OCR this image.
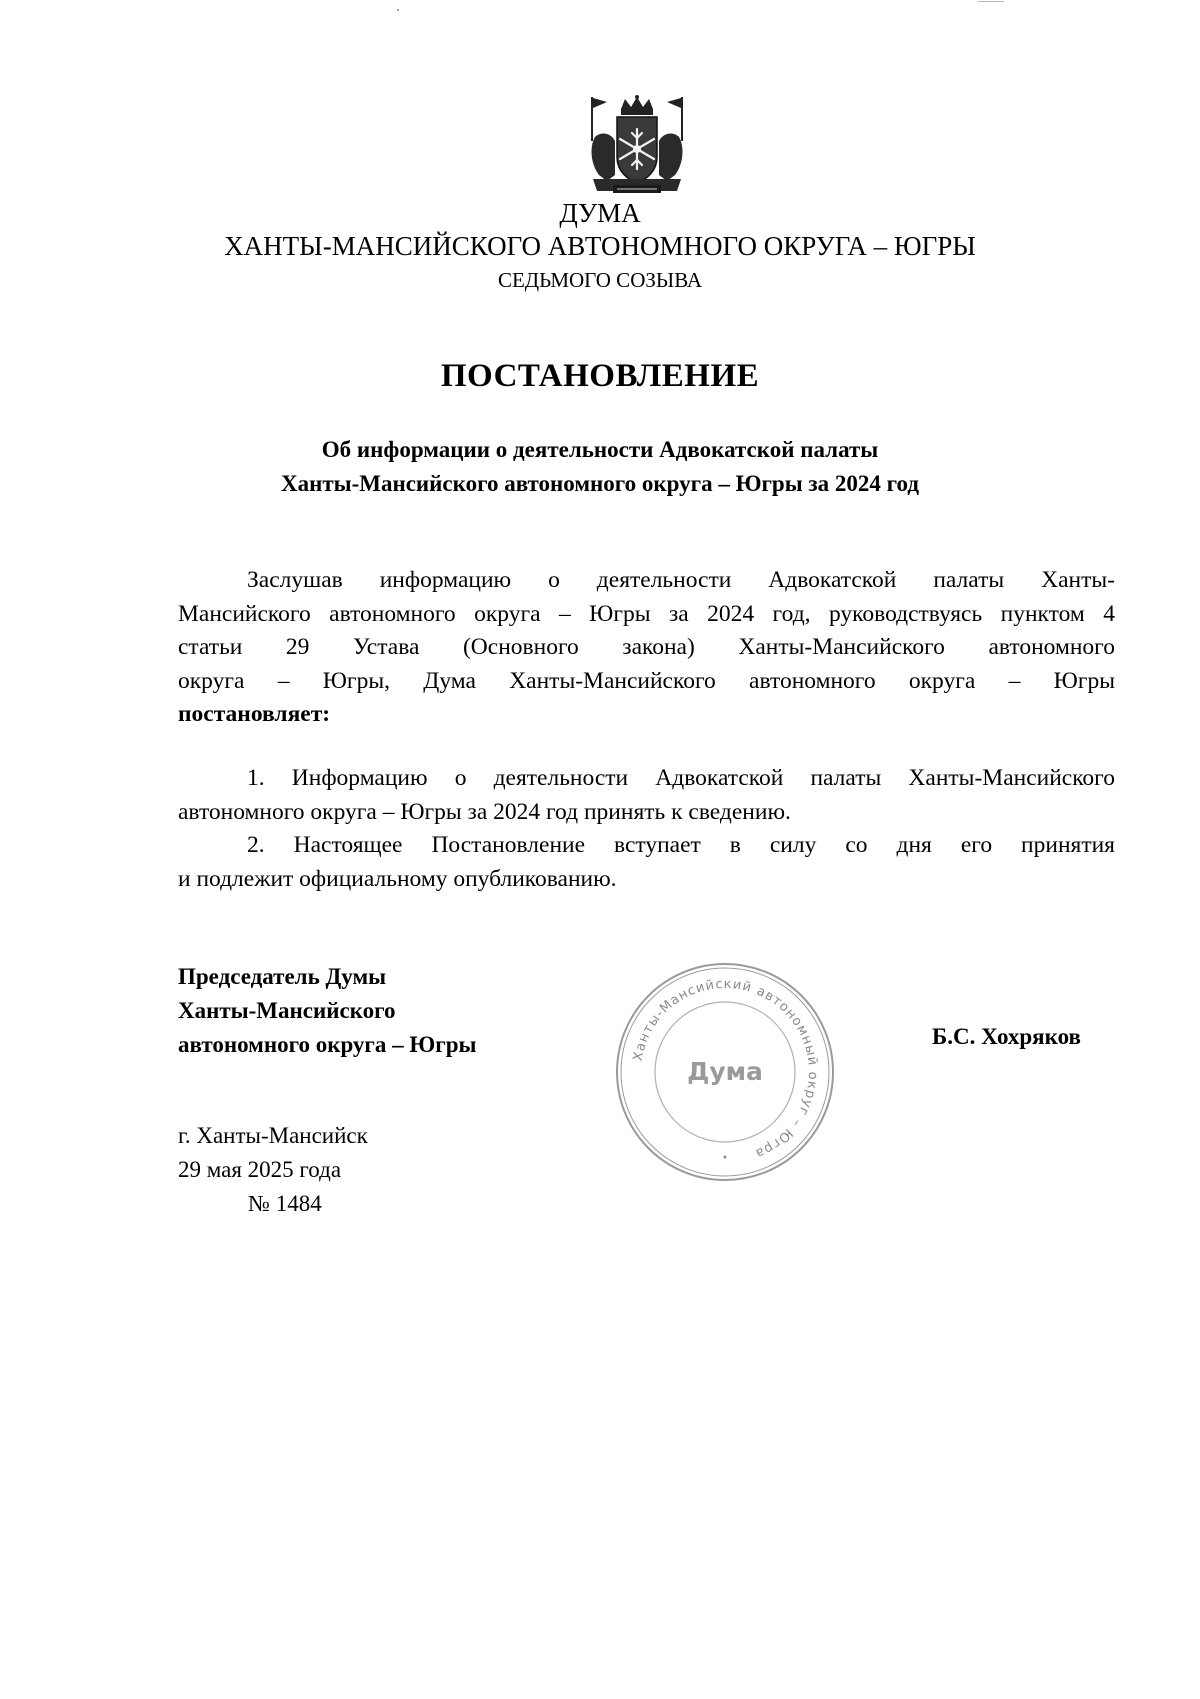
ДУМА
ХАНТЫ-МАНСИЙСКОГО АВТОНОМНОГО ОКРУГА – ЮГРЫ
СЕДЬМОГО СОЗЫВА
ПОСТАНОВЛЕНИЕ
Об информации о деятельности Адвокатской палаты
Ханты-Мансийского автономного округа – Югры за 2024 год

Заслушав информацию о деятельности Адвокатской палаты Ханты-

Мансийского автономного округа – Югры за 2024 год, руководствуясь пунктом 4

статьи 29 Устава (Основного закона) Ханты-Мансийского автономного

округа – Югры, Дума Ханты-Мансийского автономного округа – Югры

постановляет:

1. Информацию о деятельности Адвокатской палаты Ханты-Мансийского

автономного округа – Югры за 2024 год принять к сведению.

2. Настоящее Постановление вступает в силу со дня его принятия

и подлежит официальному опубликованию.

Председатель Думы
Ханты-Мансийского
автономного округа – Югры	Ханты-Мансийский автономный округ – Югра
Дума
Б.С. Хохряков
г. Ханты-Мансийск
29 мая 2025 года
№ 1484
